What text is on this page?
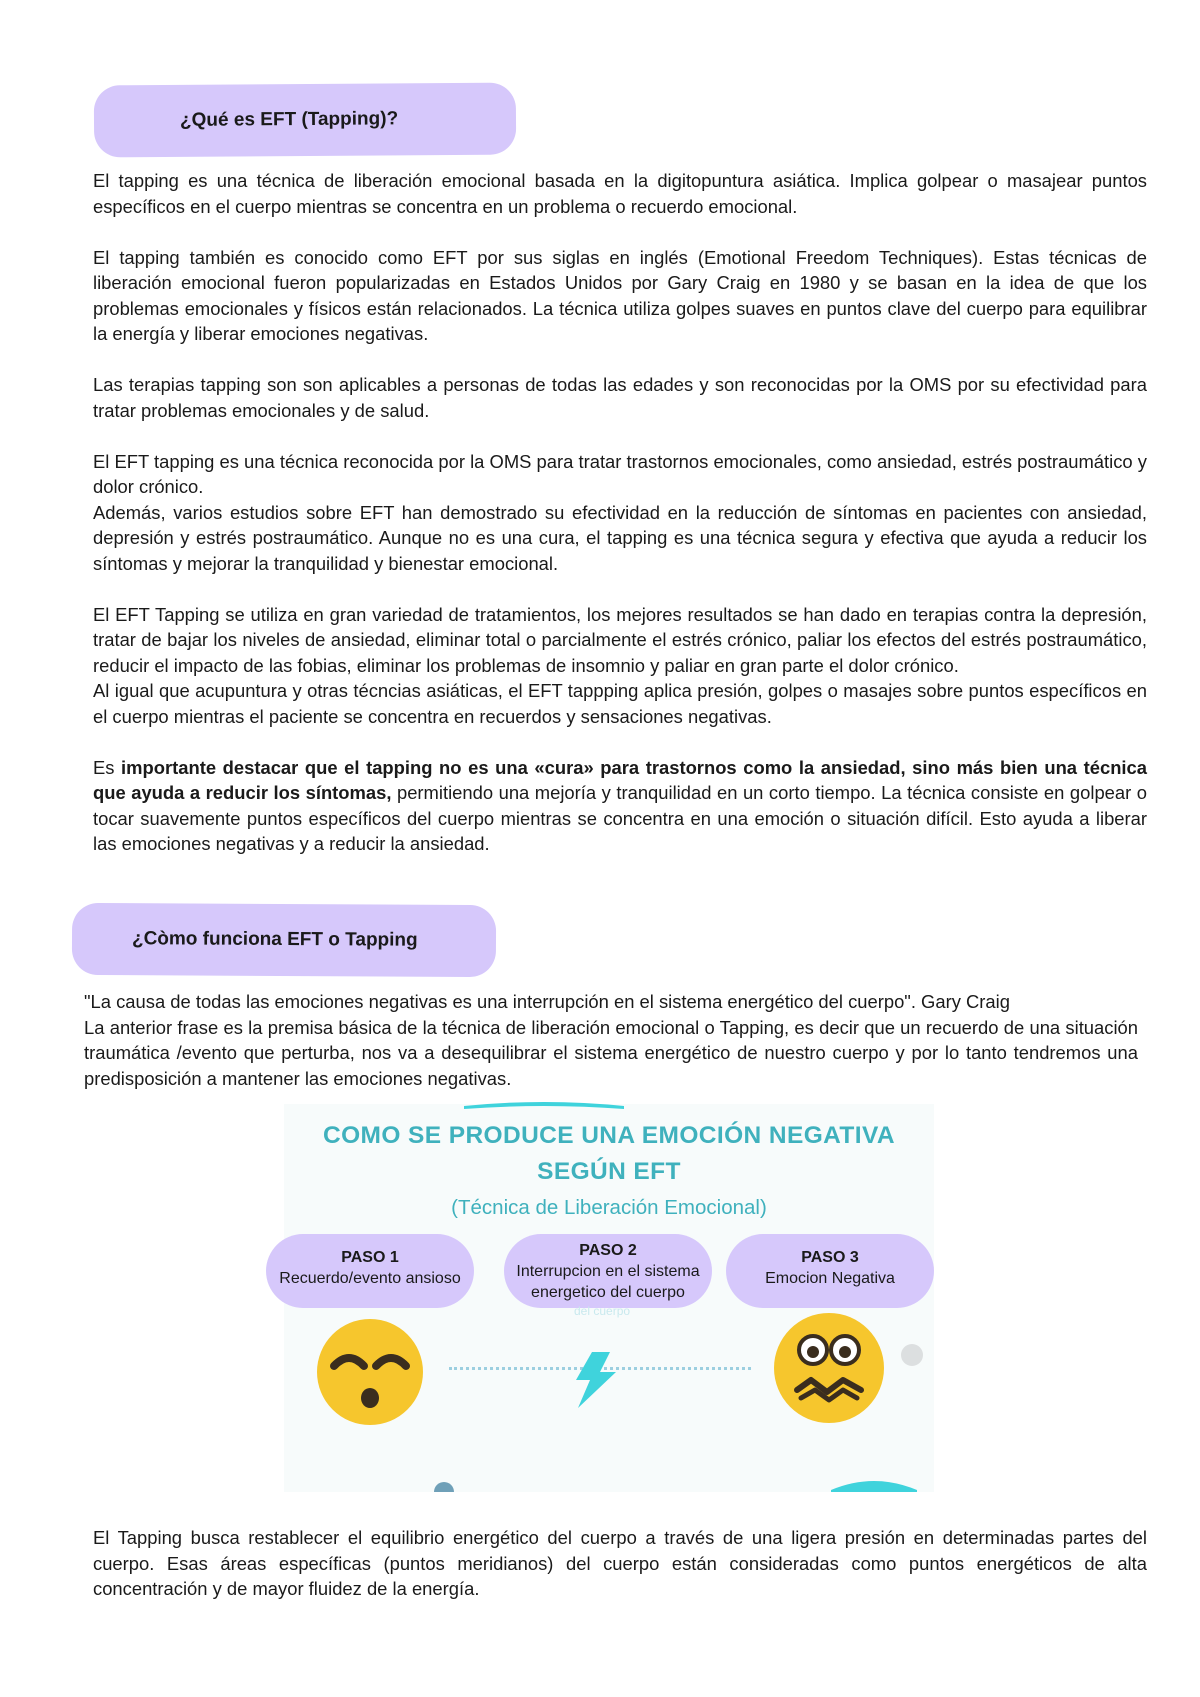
¿Qué es EFT (Tapping)?

El tapping es una técnica de liberación emocional basada en la digitopuntura asiática. Implica golpear o masajear puntos específicos en el cuerpo mientras se concentra en un problema o recuerdo emocional.

El tapping también es conocido como EFT por sus siglas en inglés (Emotional Freedom Techniques). Estas técnicas de liberación emocional fueron popularizadas en Estados Unidos por Gary Craig en 1980 y se basan en la idea de que los problemas emocionales y físicos están relacionados. La técnica utiliza golpes suaves en puntos clave del cuerpo para equilibrar la energía y liberar emociones negativas.

Las terapias tapping son son aplicables a personas de todas las edades y son reconocidas por la OMS por su efectividad para tratar problemas emocionales y de salud.

El EFT tapping es una técnica reconocida por la OMS para tratar trastornos emocionales, como ansiedad, estrés postraumático y dolor crónico.

Además, varios estudios sobre EFT han demostrado su efectividad en la reducción de síntomas en pacientes con ansiedad, depresión y estrés postraumático. Aunque no es una cura, el tapping es una técnica segura y efectiva que ayuda a reducir los síntomas y mejorar la tranquilidad y bienestar emocional.

El EFT Tapping se utiliza en gran variedad de tratamientos, los mejores resultados se han dado en terapias contra la depresión, tratar de bajar los niveles de ansiedad, eliminar total o parcialmente el estrés crónico, paliar los efectos del estrés postraumático, reducir el impacto de las fobias, eliminar los problemas de insomnio y paliar en gran parte el dolor crónico.

Al igual que acupuntura y otras técncias asiáticas, el EFT tappping aplica presión, golpes o masajes sobre puntos específicos en el cuerpo mientras el paciente se concentra en recuerdos y sensaciones negativas.

Es importante destacar que el tapping no es una «cura» para trastornos como la ansiedad, sino más bien una técnica que ayuda a reducir los síntomas, permitiendo una mejoría y tranquilidad en un corto tiempo. La técnica consiste en golpear o tocar suavemente puntos específicos del cuerpo mientras se concentra en una emoción o situación difícil. Esto ayuda a liberar las emociones negativas y a reducir la ansiedad.

¿Còmo funciona EFT o Tapping

"La causa de todas las emociones negativas es una interrupción en el sistema energético del cuerpo". Gary Craig

La anterior frase es la premisa básica de la técnica de liberación emocional o Tapping, es decir que un recuerdo de una situación traumática /evento que perturba, nos va a desequilibrar el sistema energético de nuestro cuerpo y por lo tanto tendremos una predisposición a mantener las emociones negativas.

COMO SE PRODUCE UNA EMOCIÓN NEGATIVA
SEGÚN EFT
(Técnica de Liberación Emocional)
PASO 1
Recuerdo/evento ansioso
PASO 2
Interrupcion en el sistema
energetico del cuerpo
PASO 3
Emocion Negativa
del cuerpo

El Tapping busca restablecer el equilibrio energético del cuerpo a través de una ligera presión en determinadas partes del cuerpo. Esas áreas específicas (puntos meridianos) del cuerpo están consideradas como puntos energéticos de alta concentración y de mayor fluidez de la energía.
